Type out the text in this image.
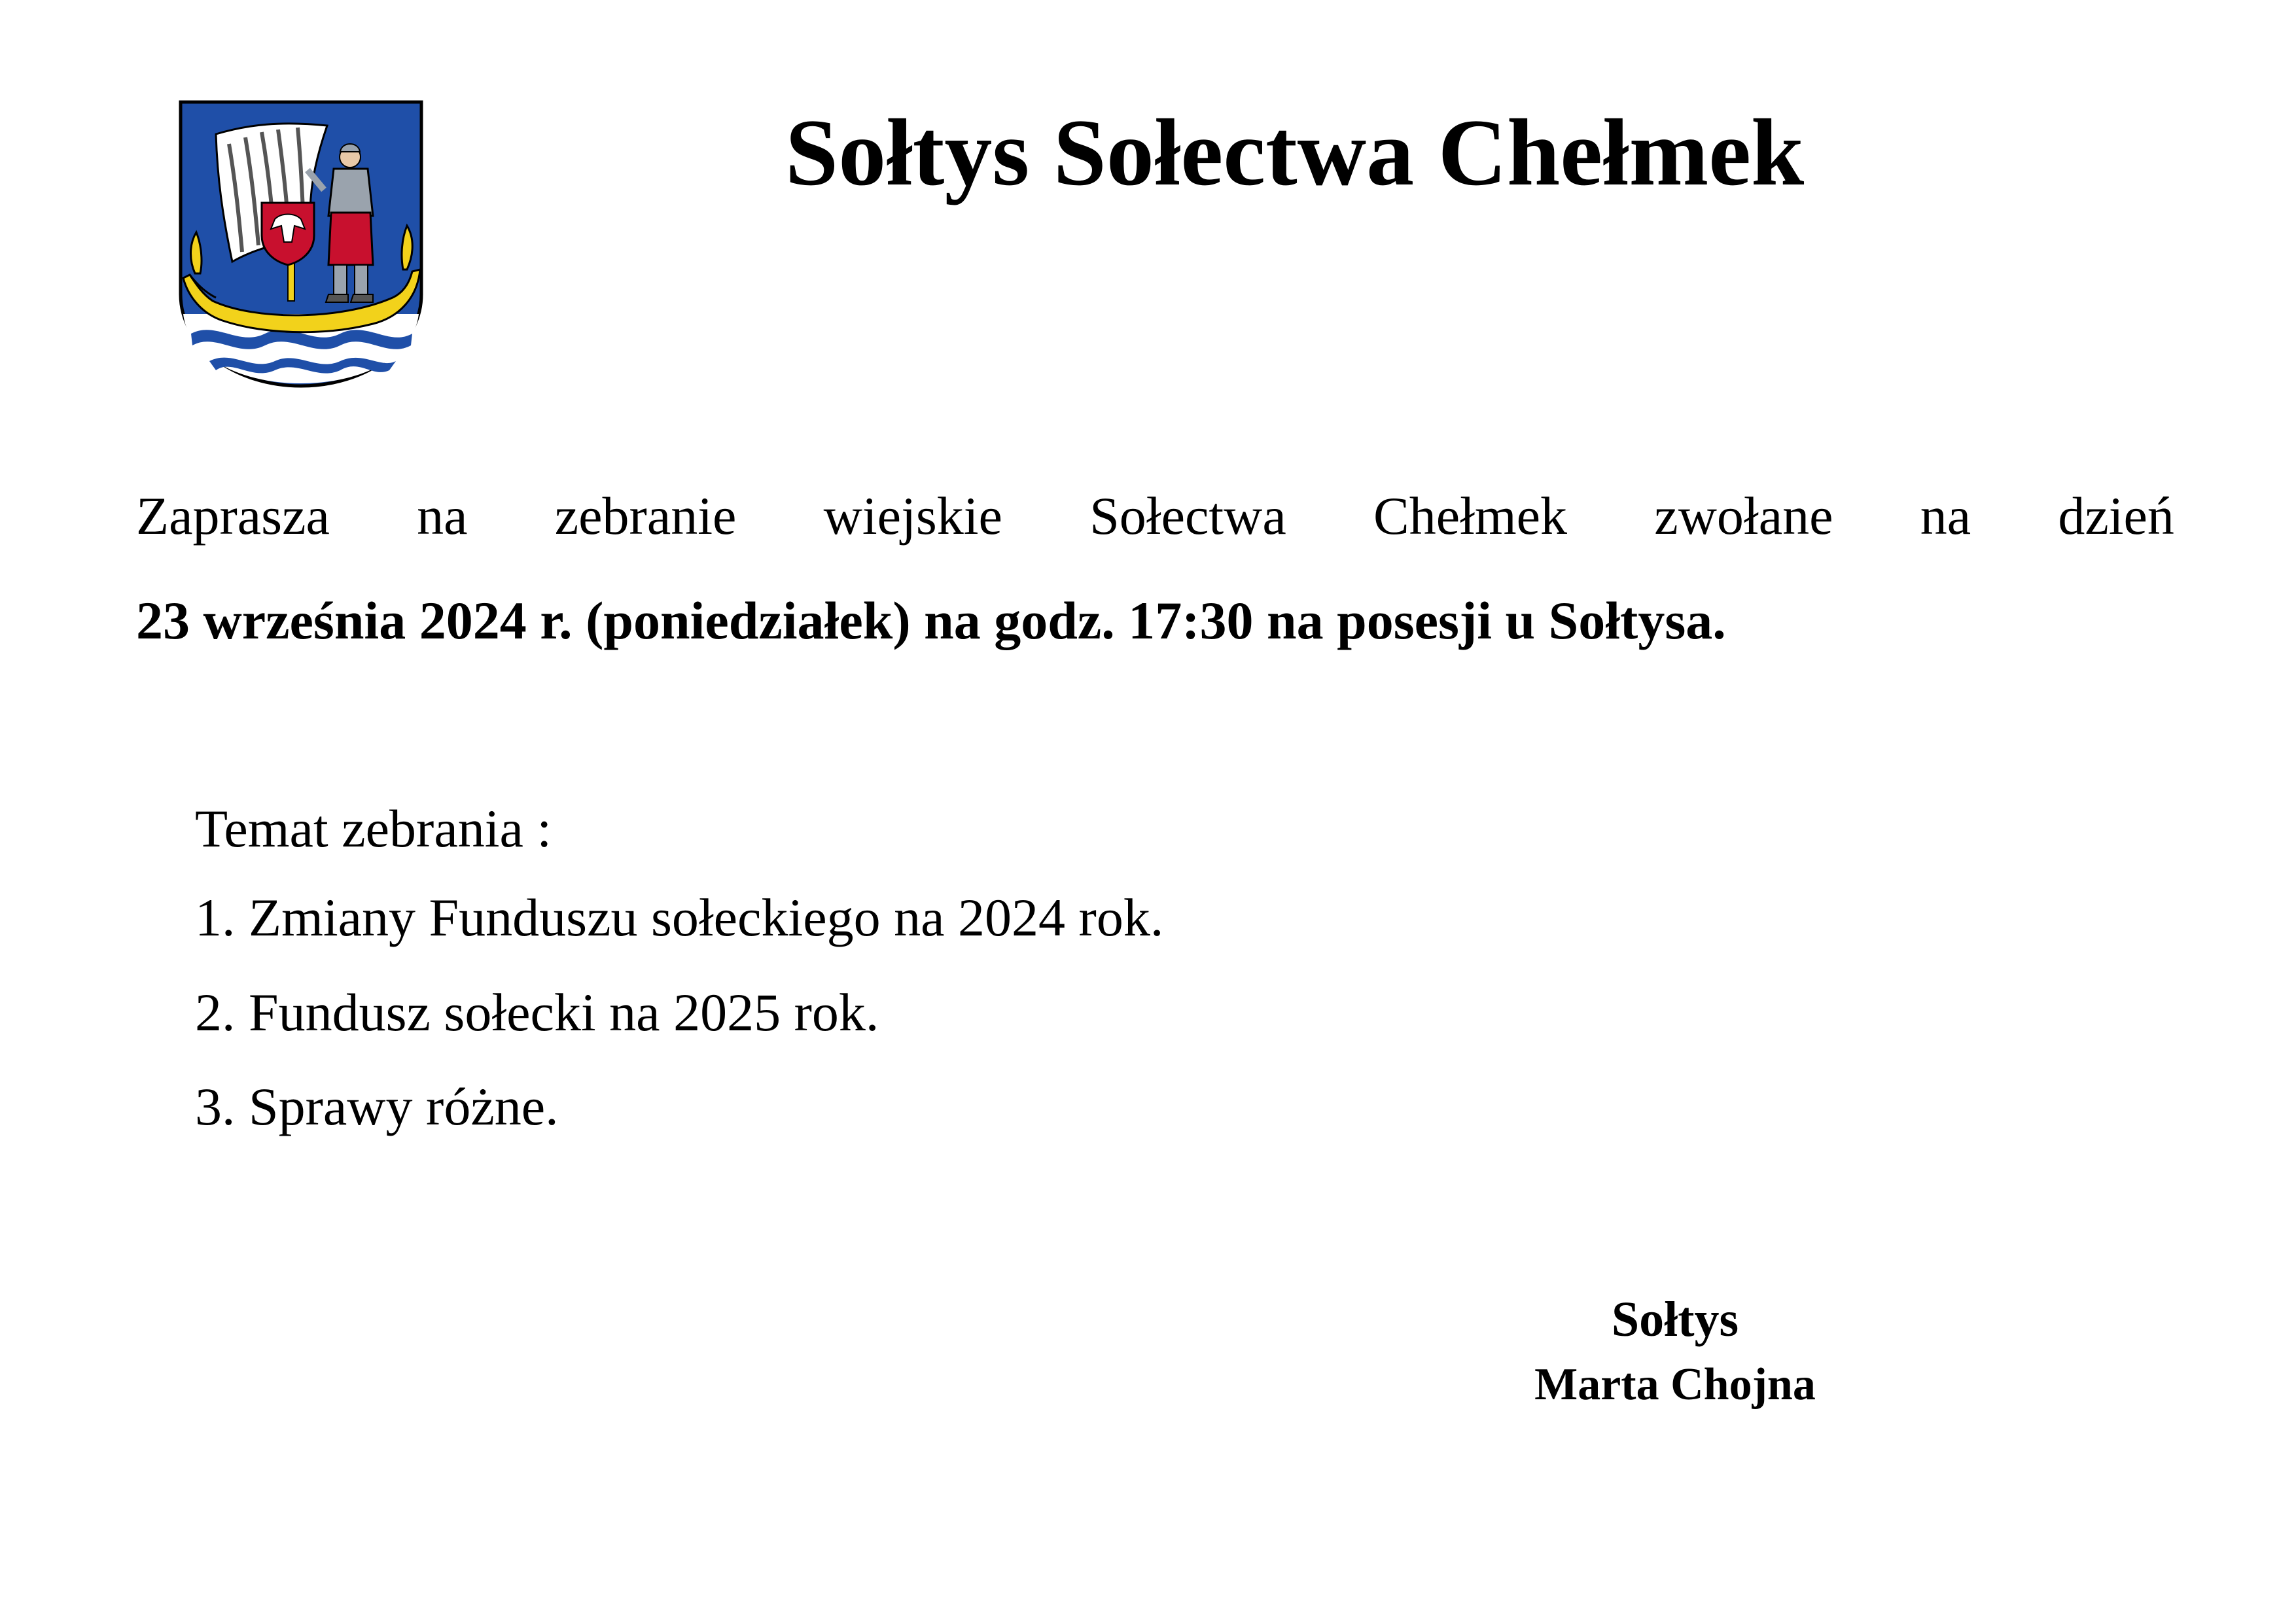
Sołtys Sołectwa Chełmek
Zaprasza na zebranie wiejskie Sołectwa Chełmek zwołane na dzień
23 września 2024 r. (poniedziałek) na godz. 17:30 na posesji u Sołtysa.
Temat zebrania :
1. Zmiany Funduszu sołeckiego na 2024 rok.
2. Fundusz sołecki na 2025 rok.
3. Sprawy różne.
Sołtys
Marta Chojna
